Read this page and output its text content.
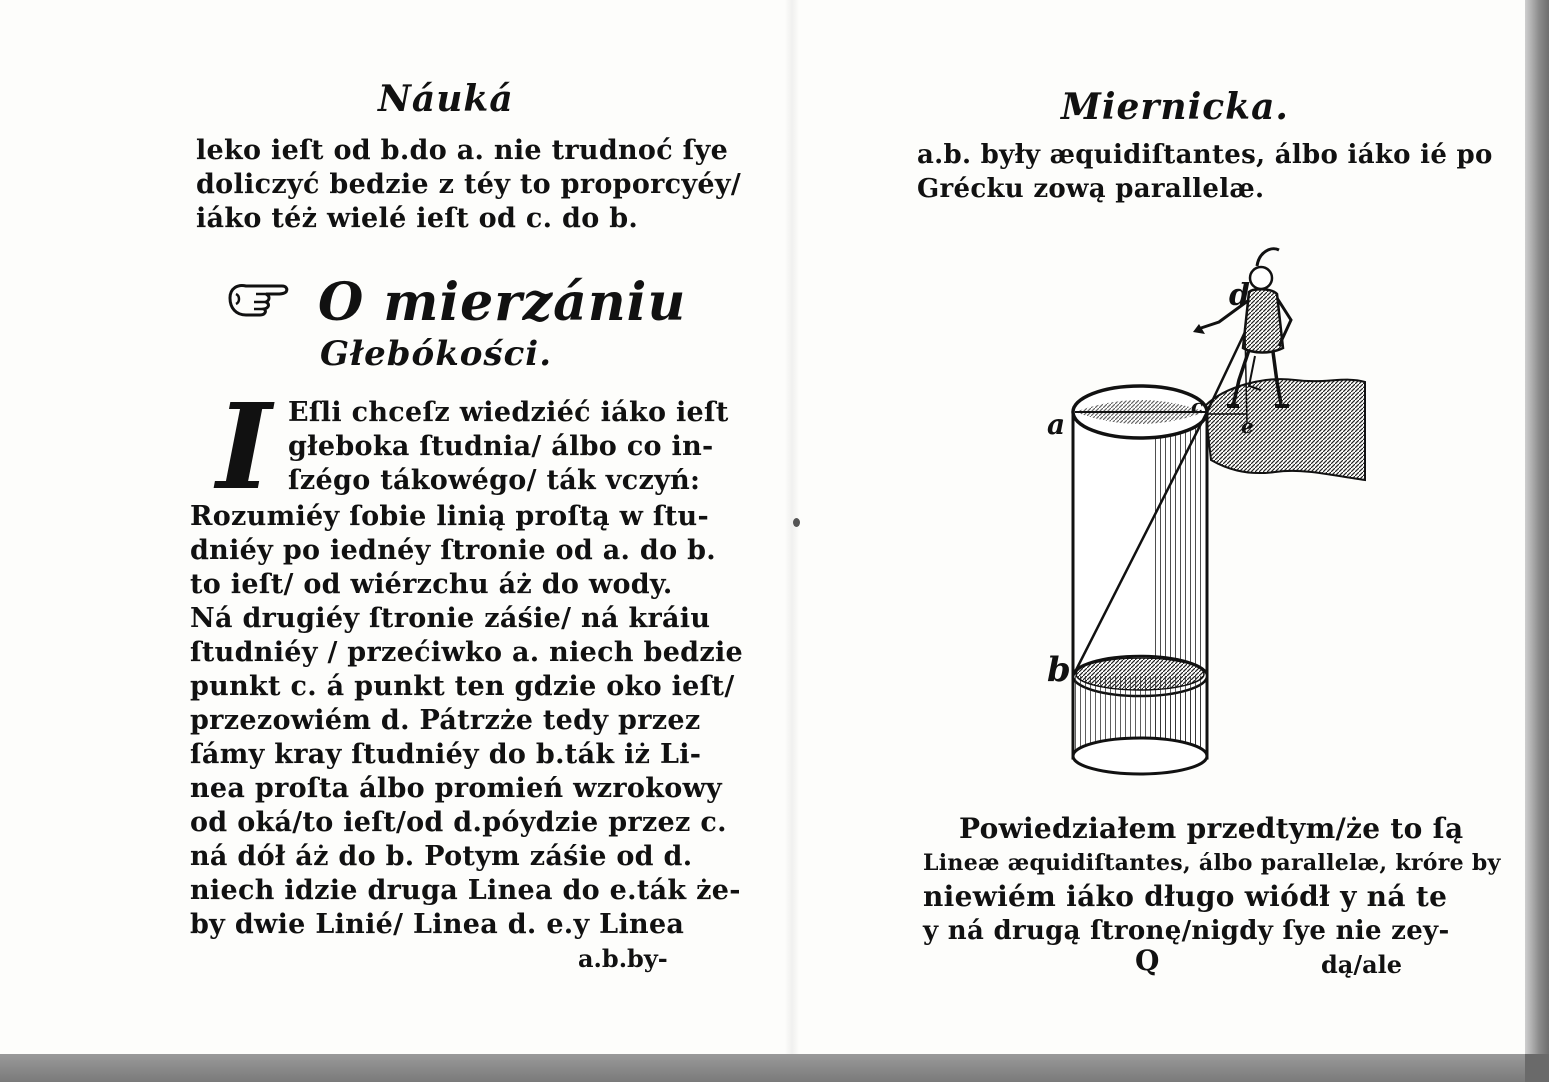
Náuká
leko ieſt od b.do a. nie trudnoć ſye
doliczyć bedzie z téy to proporcyéy/
iáko téż wielé ieſt od c. do b.
O mierzániu
Głebókości.
I Eſli chceſz wiedziéć iáko ieſt
głeboka ſtudnia/ álbo co in-
ſzégo tákowégo/ ták vczyń:
Rozumiéy ſobie linią proſtą w ſtu-
dniéy po iednéy ſtronie od a. do b.
to ieſt/ od wiérzchu áż do wody.
Ná drugiéy ſtronie záśie/ ná kráiu
ſtudniéy / przećiwko a. niech bedzie
punkt c. á punkt ten gdzie oko ieſt/
przezowiém d. Pátrzże tedy przez
ſámy kray ſtudniéy do b.ták iż Li-
nea proſta álbo promień wzrokowy
od oká/to ieſt/od d.póydzie przez c.
ná dół áż do b. Potym záśie od d.
niech idzie druga Linea do e.ták że-
by dwie Linié/ Linea d. e.y Linea
a.b.by-
Miernicka.
a.b. były æquidiſtantes, álbo iáko ié po
Grécku zową parallelæ.
a
b
c
d
e
Powiedziałem przedtym/że to ſą
Lineæ æquidiſtantes, álbo parallelæ, króre by
niewiém iáko długo wiódł y ná te
y ná drugą ſtronę/nigdy ſye nie zey-
Q	dą/ale
